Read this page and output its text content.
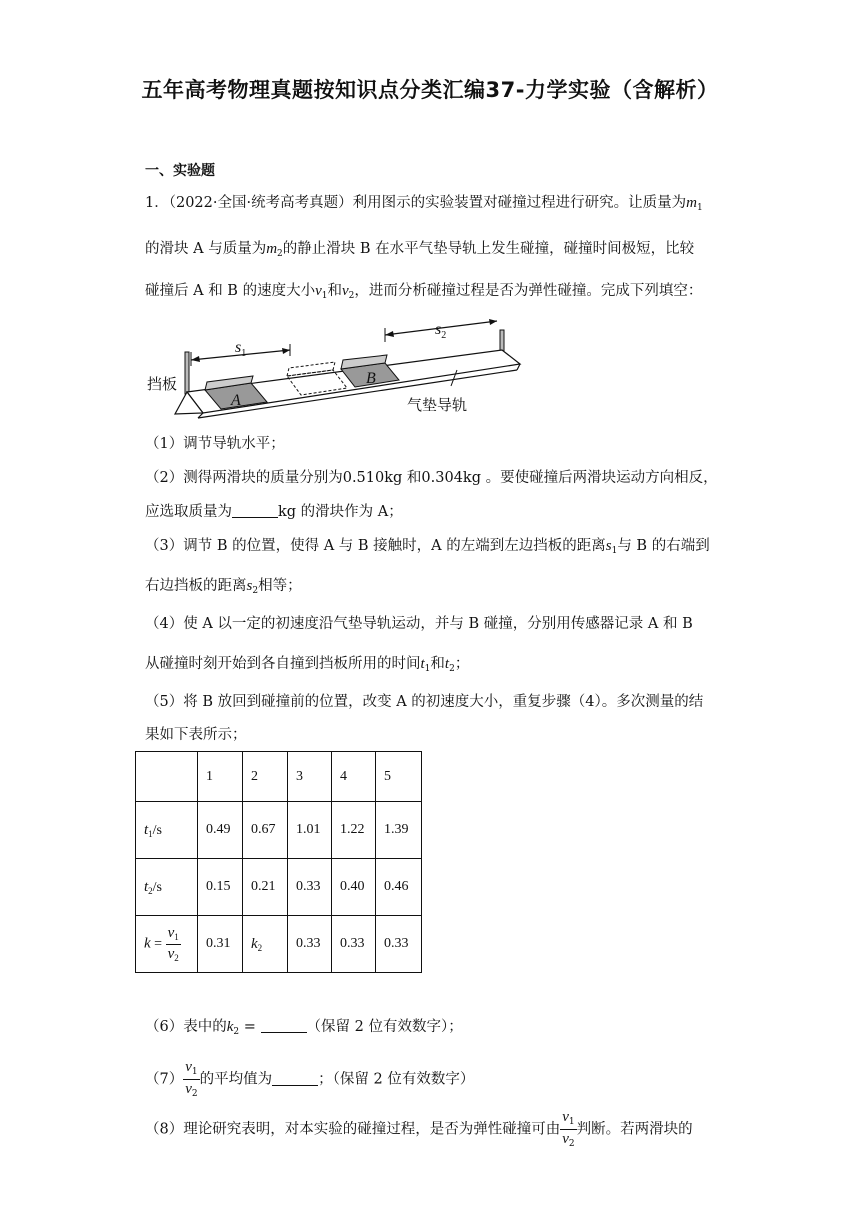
五年高考物理真题按知识点分类汇编37-力学实验（含解析）
一、实验题
1．（2022·全国·统考高考真题）利用图示的实验装置对碰撞过程进行研究。让质量为$m_1$
的滑块 A 与质量为$m_2$的静止滑块 B 在水平气垫导轨上发生碰撞，碰撞时间极短，比较
碰撞后 A 和 B 的速度大小$v_1$和$v_2$，进而分析碰撞过程是否为弹性碰撞。完成下列填空：
挡板
A
B
$s_1$
$s_2$
气垫导轨
（1）调节导轨水平；
（2）测得两滑块的质量分别为0.510kg 和0.304kg 。要使碰撞后两滑块运动方向相反，
应选取质量为	kg 的滑块作为 A；
（3）调节 B 的位置，使得 A 与 B 接触时，A 的左端到左边挡板的距离$s_1$与 B 的右端到
右边挡板的距离$s_2$相等；
（4）使 A 以一定的初速度沿气垫导轨运动，并与 B 碰撞，分别用传感器记录 A 和 B
从碰撞时刻开始到各自撞到挡板所用的时间$t_1$和$t_2$；
（5）将 B 放回到碰撞前的位置，改变 A 的初速度大小，重复步骤（4）。多次测量的结
果如下表所示；
	1	2	3	4	5
$t_1/s$	0.49	0.67	1.01	1.22	1.39
$t_2/s$	0.15	0.21	0.33	0.40	0.46
$k = \frac{v_1}{v_2}$	0.31	$k_2$	0.33	0.33	0.33
（6）表中的$k_2$ =	（保留 2 位有效数字）；
$(7) \frac{v_1}{v_2}$ 的平均值为	；（保留 2 位有效数字）
（8）理论研究表明，对本实验的碰撞过程，是否为弹性碰撞可由 $\frac{v_1}{v_2}$ 判断。若两滑块的
